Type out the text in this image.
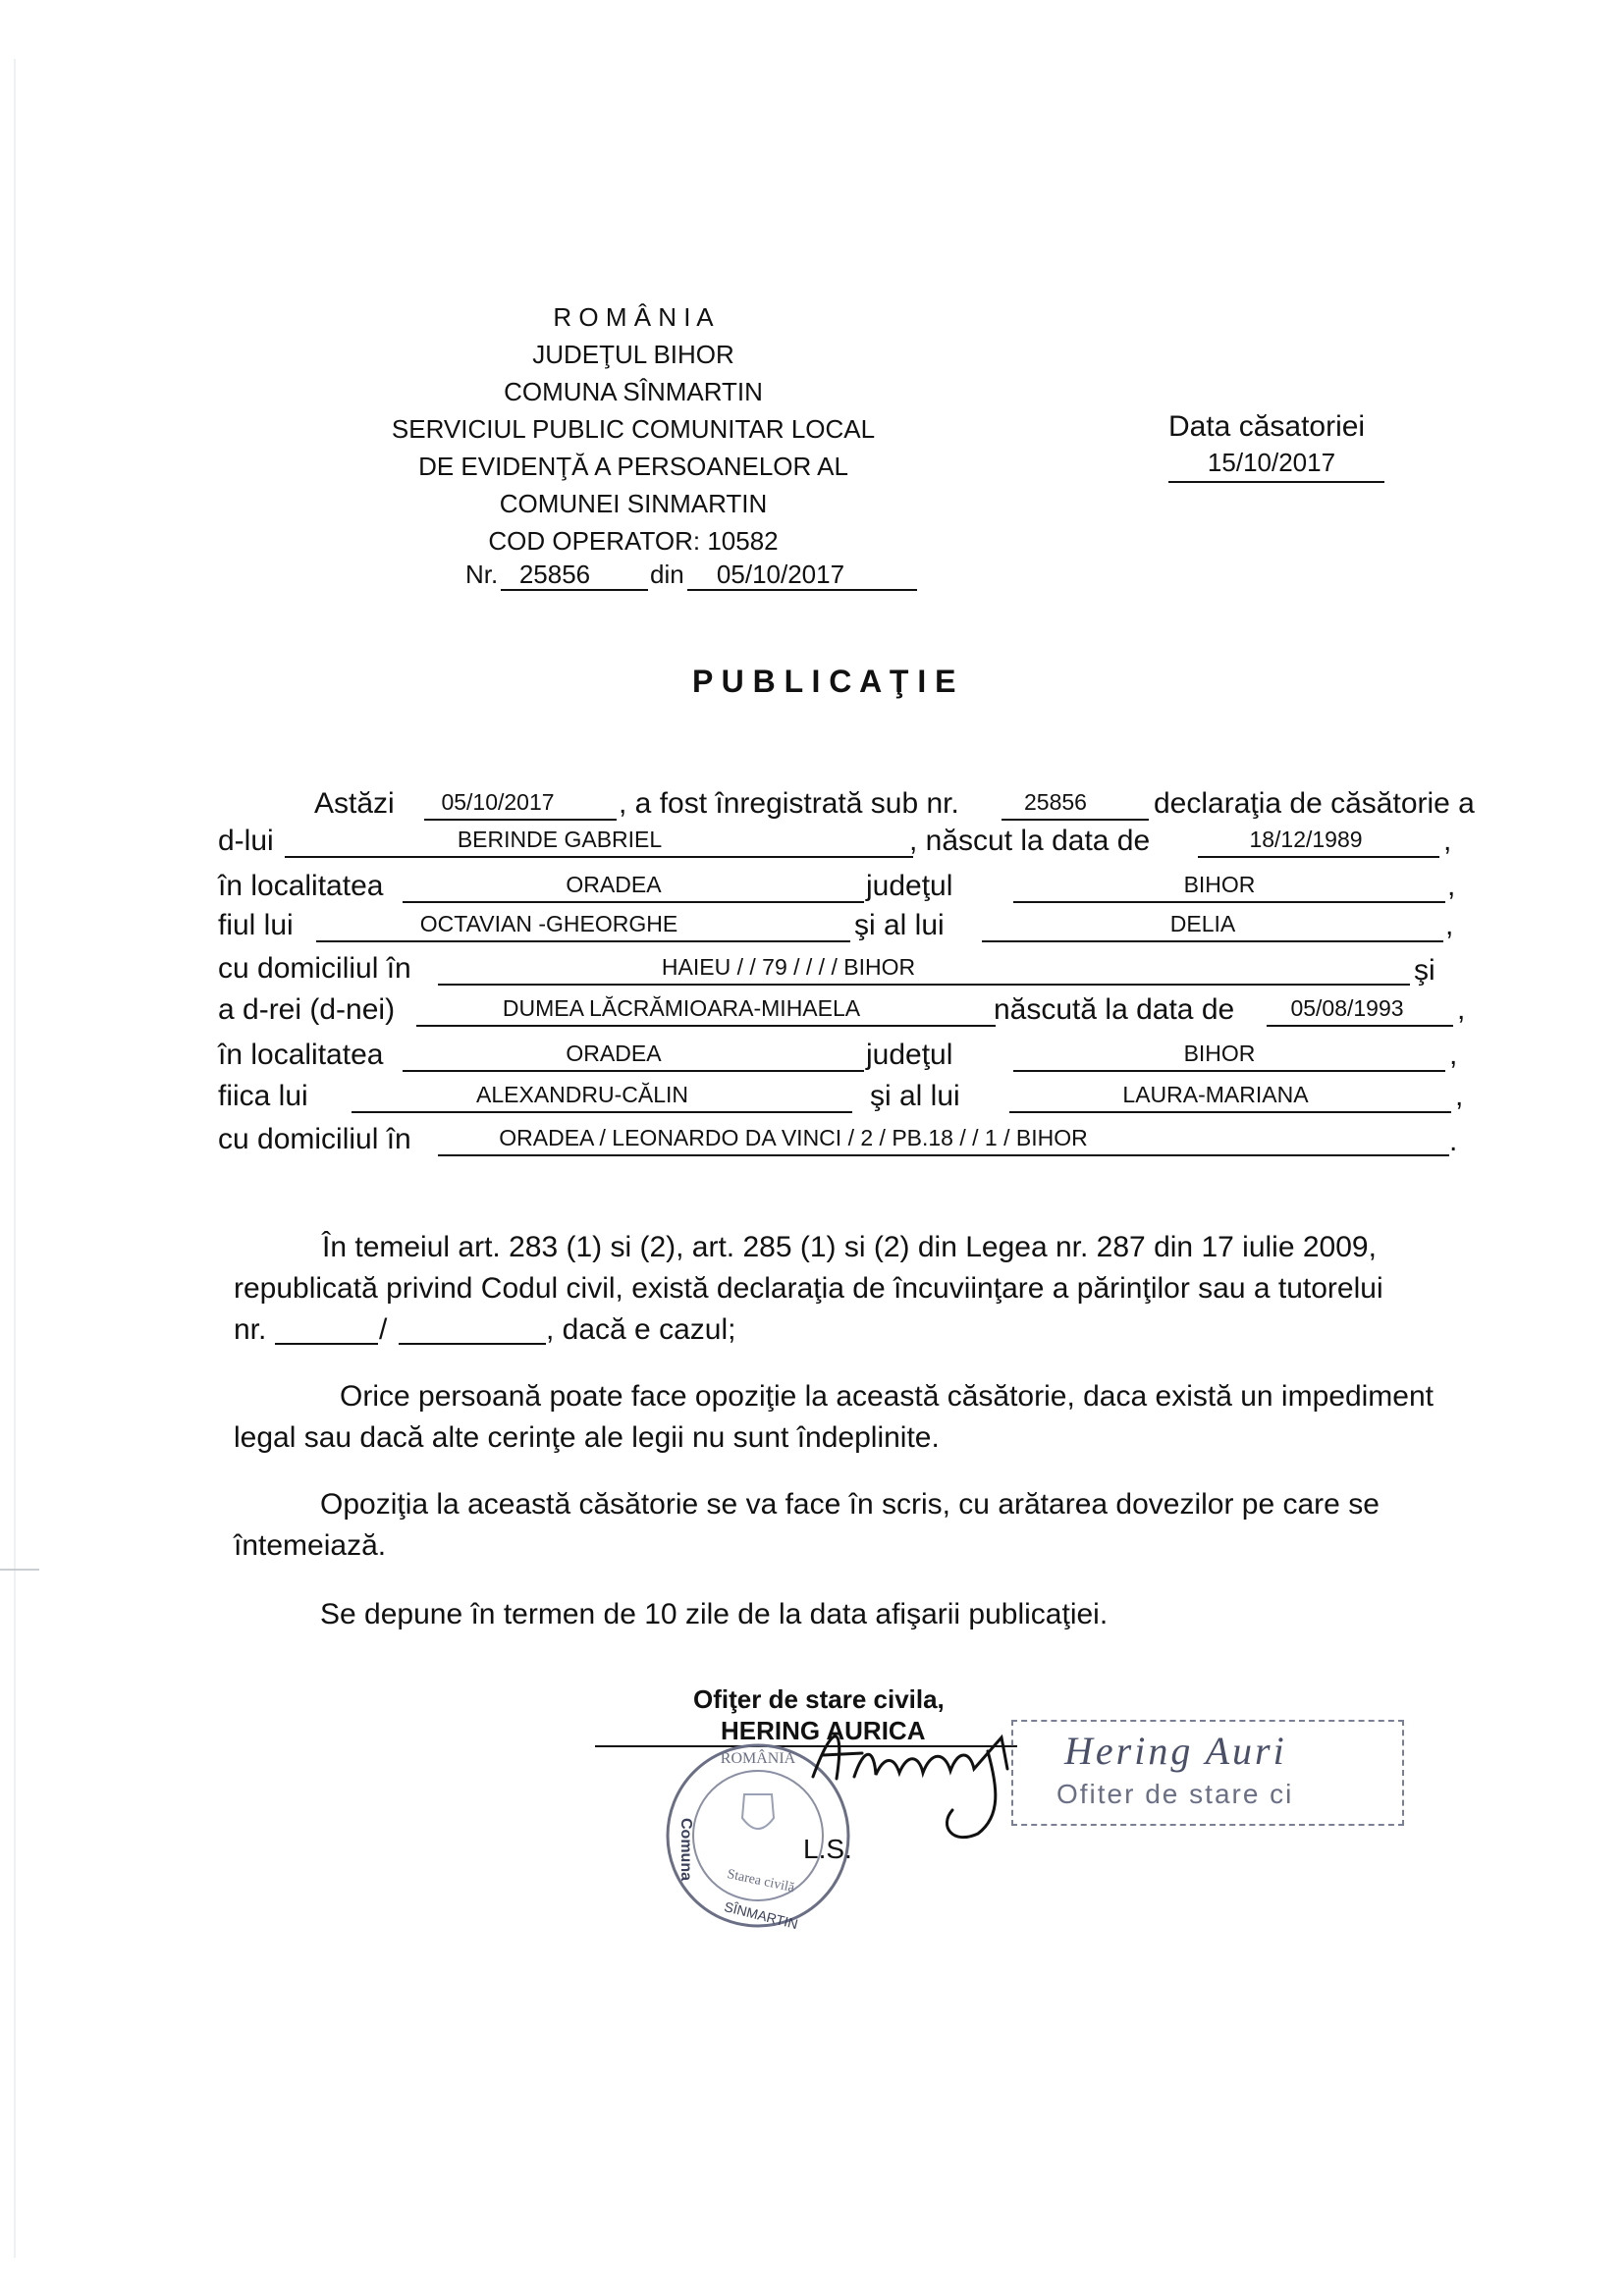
R O M Â N I A
JUDEŢUL BIHOR
COMUNA SÎNMARTIN
SERVICIUL PUBLIC COMUNITAR LOCAL
DE EVIDENŢĂ A PERSOANELOR AL
COMUNEI SINMARTIN
COD OPERATOR: 10582
Nr. 25856	din	05/10/2017
Data căsatoriei
15/10/2017
P U B L I C A Ţ I E
Astăzi	05/10/2017	, a fost înregistrată sub nr.	25856	declaraţia de căsătorie a
d-lui	BERINDE GABRIEL	, născut la data de	18/12/1989	,
în localitatea	ORADEA	judeţul	BIHOR	,
fiul lui	OCTAVIAN -GHEORGHE	şi al lui	DELIA	,
cu domiciliul în	HAIEU / / 79 / / / / BIHOR	şi
a d-rei (d-nei)	DUMEA LĂCRĂMIOARA-MIHAELA	născută la data de	05/08/1993	,
în localitatea	ORADEA	judeţul	BIHOR	,
fiica lui	ALEXANDRU-CĂLIN	şi al lui	LAURA-MARIANA	,
cu domiciliul în	ORADEA / LEONARDO DA VINCI / 2 / PB.18 / / 1 / BIHOR	.
În temeiul art. 283 (1) si (2), art. 285 (1) si (2) din Legea nr. 287 din 17 iulie 2009,
republicată privind Codul civil, există declaraţia de încuviinţare a părinţilor sau a tutorelui
nr.	/	, dacă e cazul;
Orice persoană poate face opoziţie la această căsătorie, daca există un impediment
legal sau dacă alte cerinţe ale legii nu sunt îndeplinite.
Opoziţia la această căsătorie se va face în scris, cu arătarea dovezilor pe care se
întemeiază.
Se depune în termen de 10 zile de la data afişarii publicaţiei.
Ofiţer de stare civila,
HERING AURICA
ROMÂNIA
Comuna
Starea civilă
SÎNMARTIN
L.S.
Hering Auri
Ofiter de stare ci
